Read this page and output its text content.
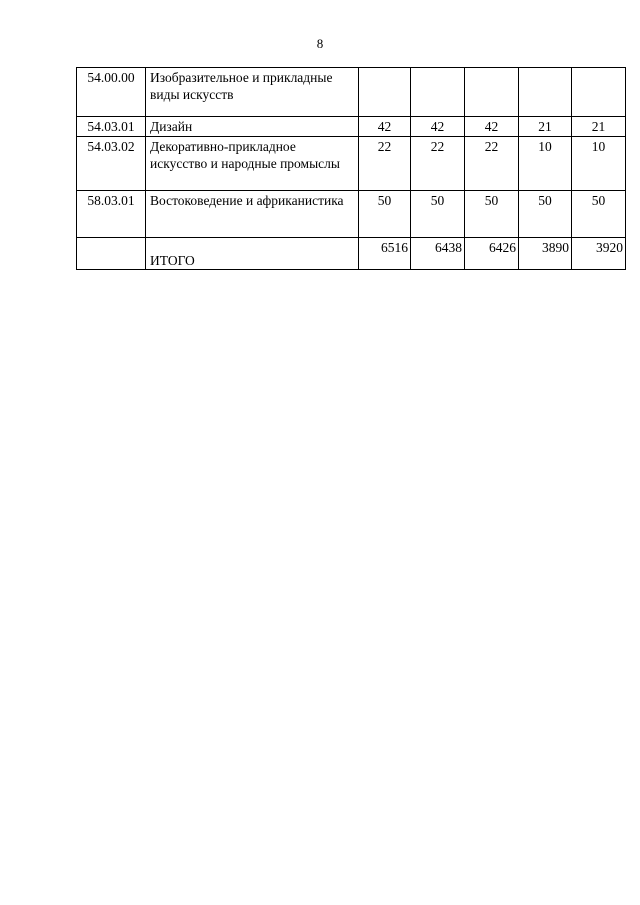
8
54.00.00	Изобразительное и прикладные виды искусств					
54.03.01	Дизайн	42	42	42	21	21
54.03.02	Декоративно-прикладное искусство и народные промыслы	22	22	22	10	10
58.03.01	Востоковедение и африканистика	50	50	50	50	50
	ИТОГО	6516	6438	6426	3890	3920
